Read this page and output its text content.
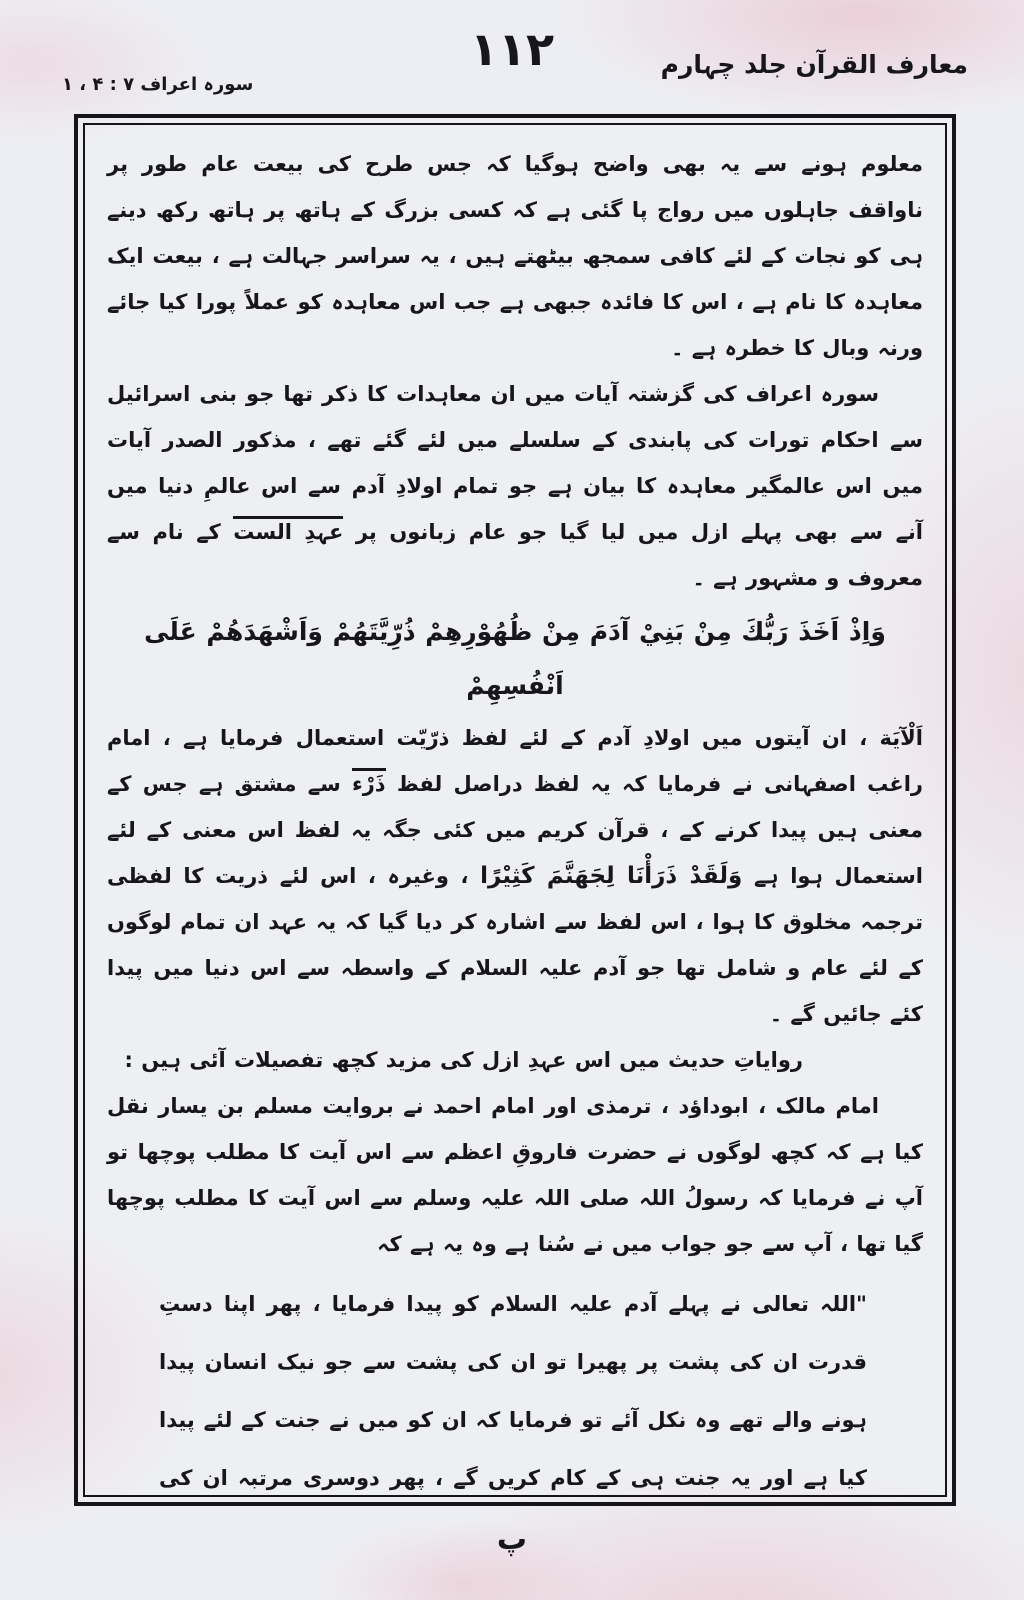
سورہ اعراف ۷ : ۴ ، ۱
۱۱۲	معارف القرآن جلد چہارم

معلوم ہونے سے یہ بھی واضح ہوگیا کہ جس طرح کی بیعت عام طور پر ناواقف جاہلوں میں رواج پا گئی ہے کہ کسی بزرگ کے ہاتھ پر ہاتھ رکھ دینے ہی کو نجات کے لئے کافی سمجھ بیٹھتے ہیں ، یہ سراسر جہالت ہے ، بیعت ایک معاہدہ کا نام ہے ، اس کا فائدہ جبھی ہے جب اس معاہدہ کو عملاً پورا کیا جائے ورنہ وبال کا خطرہ ہے ۔

سورہ اعراف کی گزشتہ آیات میں ان معاہدات کا ذکر تھا جو بنی اسرائیل سے احکام تورات کی پابندی کے سلسلے میں لئے گئے تھے ، مذکور الصدر آیات میں اس عالمگیر معاہدہ کا بیان ہے جو تمام اولادِ آدم سے اس عالمِ دنیا میں آنے سے بھی پہلے ازل میں لیا گیا جو عام زبانوں پر عہدِ الست کے نام سے معروف و مشہور ہے ۔

وَاِذْ اَخَذَ رَبُّكَ مِنْ بَنِيْ آدَمَ مِنْ ظُهُوْرِهِمْ ذُرِّيَّتَهُمْ وَاَشْهَدَهُمْ عَلَى اَنْفُسِهِمْ

اَلْآيَة ، ان آیتوں میں اولادِ آدم کے لئے لفظ ذرّیّت استعمال فرمایا ہے ، امام راغب اصفہانی نے فرمایا کہ یہ لفظ دراصل لفظ ذَرْء سے مشتق ہے جس کے معنی ہیں پیدا کرنے کے ، قرآن کریم میں کئی جگہ یہ لفظ اس معنی کے لئے استعمال ہوا ہے وَلَقَدْ ذَرَأْنَا لِجَهَنَّمَ كَثِيْرًا ، وغیرہ ، اس لئے ذریت کا لفظی ترجمہ مخلوق کا ہوا ، اس لفظ سے اشارہ کر دیا گیا کہ یہ عہد ان تمام لوگوں کے لئے عام و شامل تھا جو آدم علیہ السلام کے واسطہ سے اس دنیا میں پیدا کئے جائیں گے ۔

روایاتِ حدیث میں اس عہدِ ازل کی مزید کچھ تفصیلات آئی ہیں :

امام مالک ، ابوداؤد ، ترمذی اور امام احمد نے بروایت مسلم بن یسار نقل کیا ہے کہ کچھ لوگوں نے حضرت فاروقِ اعظم سے اس آیت کا مطلب پوچھا تو آپ نے فرمایا کہ رسولُ اللہ صلی اللہ علیہ وسلم سے اس آیت کا مطلب پوچھا گیا تھا ، آپ سے جو جواب میں نے سُنا ہے وہ یہ ہے کہ

"اللہ تعالی نے پہلے آدم علیہ السلام کو پیدا فرمایا ، پھر اپنا دستِ قدرت ان کی پشت پر پھیرا تو ان کی پشت سے جو نیک انسان پیدا ہونے والے تھے وہ نکل آئے تو فرمایا کہ ان کو میں نے جنت کے لئے پیدا کیا ہے اور یہ جنت ہی کے کام کریں گے ، پھر دوسری مرتبہ ان کی

پ
